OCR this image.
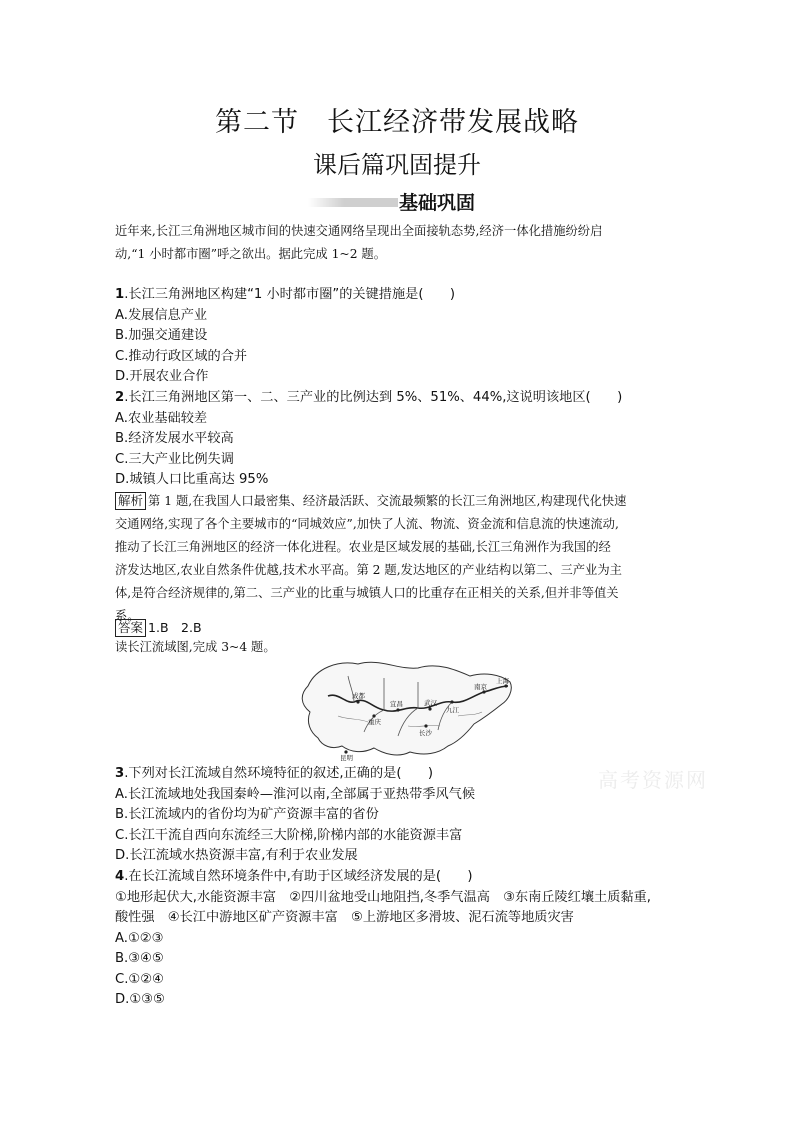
第二节　长江经济带发展战略
课后篇巩固提升
基础巩固
近年来,长江三角洲地区城市间的快速交通网络呈现出全面接轨态势,经济一体化措施纷纷启
动,“1 小时都市圈”呼之欲出。据此完成 1~2 题。
1.长江三角洲地区构建“1 小时都市圈”的关键措施是(　　)
A.发展信息产业
B.加强交通建设
C.推动行政区域的合并
D.开展农业合作
2.长江三角洲地区第一、二、三产业的比例达到 5%、51%、44%,这说明该地区(　　)
A.农业基础较差
B.经济发展水平较高
C.三大产业比例失调
D.城镇人口比重高达 95%
解析 第 1 题,在我国人口最密集、经济最活跃、交流最频繁的长江三角洲地区,构建现代化快速
交通网络,实现了各个主要城市的“同城效应”,加快了人流、物流、资金流和信息流的快速流动,
推动了长江三角洲地区的经济一体化进程。农业是区域发展的基础,长江三角洲作为我国的经
济发达地区,农业自然条件优越,技术水平高。第 2 题,发达地区的产业结构以第二、三产业为主
体,是符合经济规律的,第二、三产业的比重与城镇人口的比重存在正相关的关系,但并非等值关
系。
答案 1.B　2.B
读长江流域图,完成 3~4 题。
南京
上海
九江
宜昌	武汉
长沙
重庆
成都
昆明
高考资源网
3.下列对长江流域自然环境特征的叙述,正确的是(　　)
A.长江流域地处我国秦岭—淮河以南,全部属于亚热带季风气候
B.长江流域内的省份均为矿产资源丰富的省份
C.长江干流自西向东流经三大阶梯,阶梯内部的水能资源丰富
D.长江流域水热资源丰富,有利于农业发展
4.在长江流域自然环境条件中,有助于区域经济发展的是(　　)
①地形起伏大,水能资源丰富　②四川盆地受山地阻挡,冬季气温高　③东南丘陵红壤土质黏重,
酸性强　④长江中游地区矿产资源丰富　⑤上游地区多滑坡、泥石流等地质灾害
A.①②③
B.③④⑤
C.①②④
D.①③⑤
